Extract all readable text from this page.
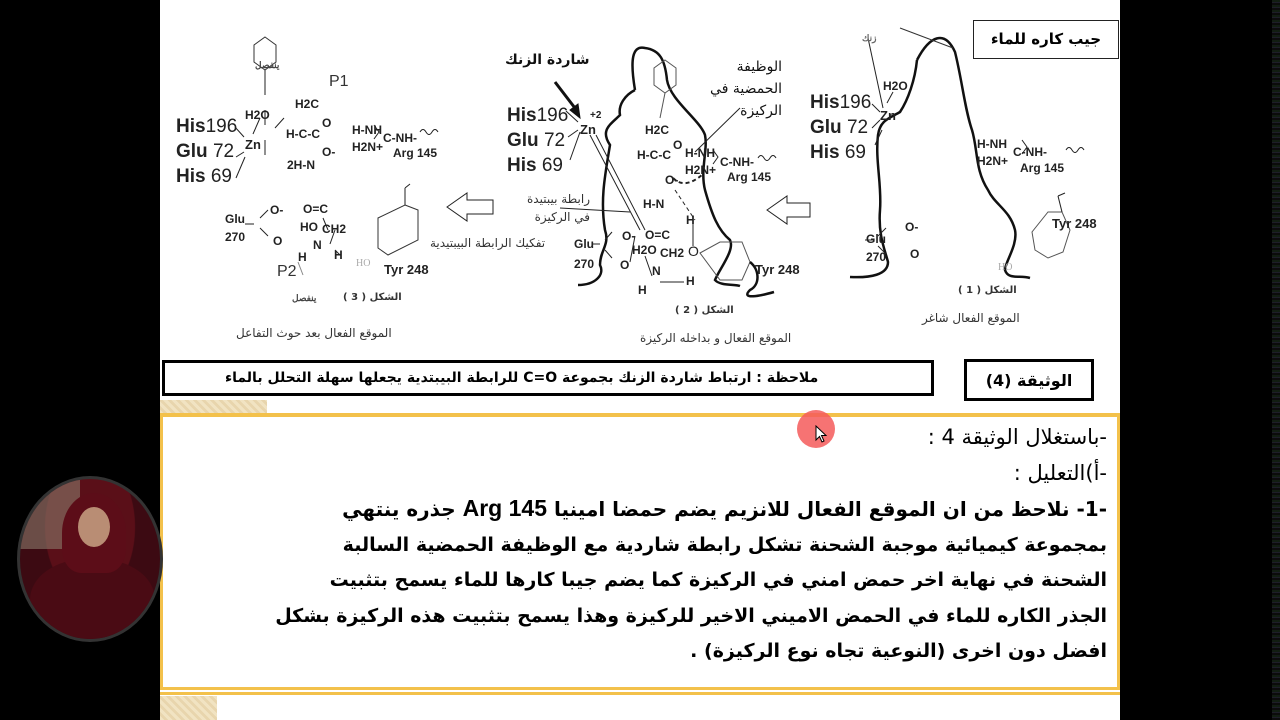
ينفصل
P1
His196
Glu 72
His 69
Zn
H2O
H2C
H-C-C
O
O-
2H-N
H-NH
H2N+
C-NH-
Arg 145
Glu
270
O-
O
O=C
HO CH2
N
H H
P2
ينفصل
HO Tyr 248
الشكل ( 3 )
الموقع الفعال بعد حوث التفاعل
تفكيك الرابطة البيبتيدية
شاردة الزنك	الوظيفة
الحمضية في
الركيزة
His196
Glu 72
His 69
Zn
+2
H2C
H-C-C
O
O-
H-NH
H2N+
C-NH-
Arg 145
رابطة بيبتيدة
في الركيزة
H-N
H
O=C
H2O CH2
N
H
H
O
Glu
270
O-
O	Tyr 248
الشكل ( 2 )
الموقع الفعال و بداخله الركيزة
جيب كاره للماء
زنك
His196
Glu 72
His 69
Zn
H2O
H-NH
H2N+
C-NH-
Arg 145
Glu
270
O-
O
Tyr 248
HO
الشكل ( 1 )
الموقع الفعال شاغر
ملاحظة : ارتباط شاردة الزنك بجموعة C=O للرابطة البيبتدية يجعلها سهلة التحلل بالماء	الوثيقة (4)
-باستغلال الوثيقة 4 :
-أ)التعليل :
-1- نلاحظ من ان الموقع الفعال للانزيم يضم حمضا امينيا Arg 145 جذره ينتهي
بمجموعة كيميائية موجبة الشحنة تشكل رابطة شاردية مع الوظيفة الحمضية السالبة
الشحنة في نهاية اخر حمض امني في الركيزة كما يضم جيبا كارها للماء يسمح بتثبيت
الجذر الكاره للماء في الحمض الاميني الاخير للركيزة وهذا يسمح بتثبيت هذه الركيزة بشكل
افضل دون اخرى (النوعية تجاه نوع الركيزة) .
